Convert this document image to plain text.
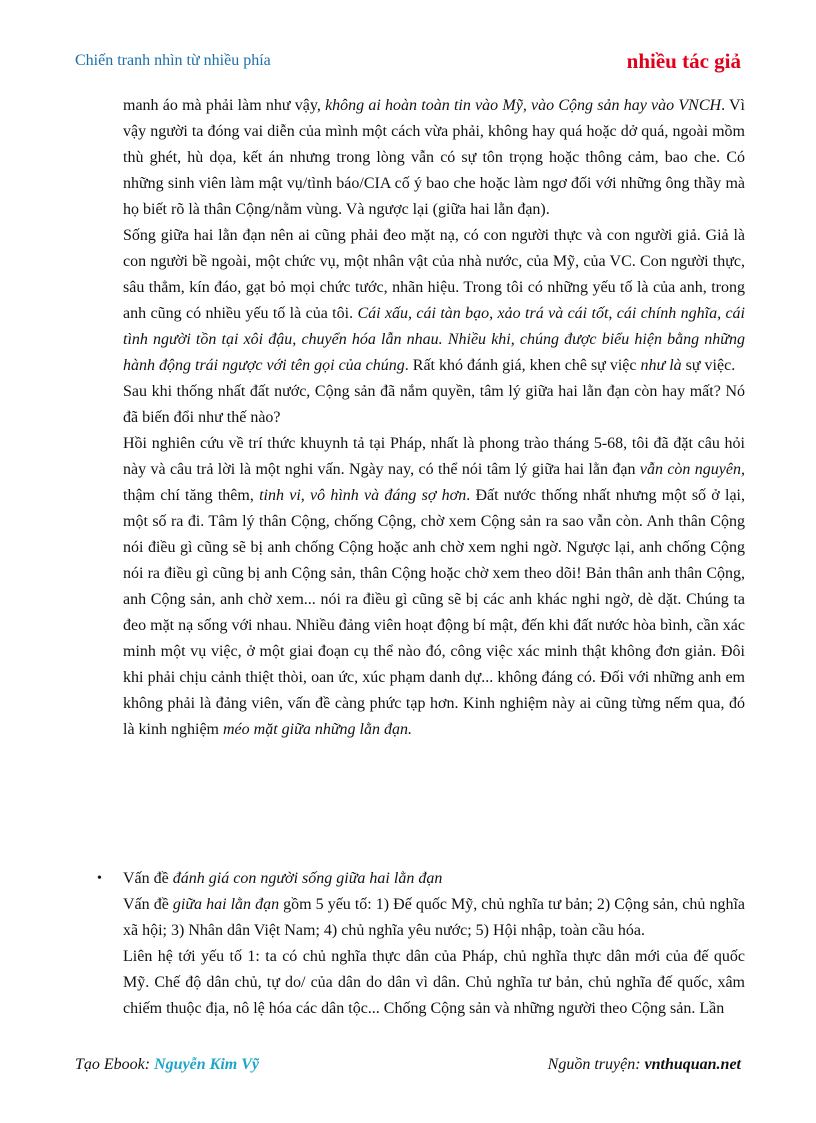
Chiến tranh nhìn từ nhiều phía	nhiều tác giả

manh áo mà phải làm như vậy, không ai hoàn toàn tin vào Mỹ, vào Cộng sản hay vào VNCH. Vì vậy người ta đóng vai diễn của mình một cách vừa phải, không hay quá hoặc dở quá, ngoài mồm thù ghét, hù dọa, kết án nhưng trong lòng vẫn có sự tôn trọng hoặc thông cảm, bao che. Có những sinh viên làm mật vụ/tình báo/CIA cố ý bao che hoặc làm ngơ đối với những ông thầy mà họ biết rõ là thân Cộng/nằm vùng. Và ngược lại (giữa hai lằn đạn).

Sống giữa hai lằn đạn nên ai cũng phải đeo mặt nạ, có con người thực và con người giả. Giả là con người bề ngoài, một chức vụ, một nhân vật của nhà nước, của Mỹ, của VC. Con người thực, sâu thẳm, kín đáo, gạt bỏ mọi chức tước, nhãn hiệu. Trong tôi có những yếu tố là của anh, trong anh cũng có nhiều yếu tố là của tôi. Cái xấu, cái tàn bạo, xảo trá và cái tốt, cái chính nghĩa, cái tình người tồn tại xôi đậu, chuyển hóa lẫn nhau. Nhiều khi, chúng được biểu hiện bằng những hành động trái ngược với tên gọi của chúng. Rất khó đánh giá, khen chê sự việc như là sự việc.

Sau khi thống nhất đất nước, Cộng sản đã nắm quyền, tâm lý giữa hai lằn đạn còn hay mất? Nó đã biến đổi như thế nào?

Hồi nghiên cứu về trí thức khuynh tả tại Pháp, nhất là phong trào tháng 5-68, tôi đã đặt câu hỏi này và câu trả lời là một nghi vấn. Ngày nay, có thể nói tâm lý giữa hai lằn đạn vẫn còn nguyên, thậm chí tăng thêm, tinh vi, vô hình và đáng sợ hơn. Đất nước thống nhất nhưng một số ở lại, một số ra đi. Tâm lý thân Cộng, chống Cộng, chờ xem Cộng sản ra sao vẫn còn. Anh thân Cộng nói điều gì cũng sẽ bị anh chống Cộng hoặc anh chờ xem nghi ngờ. Ngược lại, anh chống Cộng nói ra điều gì cũng bị anh Cộng sản, thân Cộng hoặc chờ xem theo dõi! Bản thân anh thân Cộng, anh Cộng sản, anh chờ xem... nói ra điều gì cũng sẽ bị các anh khác nghi ngờ, dè dặt. Chúng ta đeo mặt nạ sống với nhau. Nhiều đảng viên hoạt động bí mật, đến khi đất nước hòa bình, cần xác minh một vụ việc, ở một giai đoạn cụ thể nào đó, công việc xác minh thật không đơn giản. Đôi khi phải chịu cảnh thiệt thòi, oan ức, xúc phạm danh dự... không đáng có. Đối với những anh em không phải là đảng viên, vấn đề càng phức tạp hơn. Kinh nghiệm này ai cũng từng nếm qua, đó là kinh nghiệm méo mặt giữa những lằn đạn.

• Vấn đề đánh giá con người sống giữa hai lằn đạn

Vấn đề giữa hai lằn đạn gồm 5 yếu tố: 1) Đế quốc Mỹ, chủ nghĩa tư bản; 2) Cộng sản, chủ nghĩa xã hội; 3) Nhân dân Việt Nam; 4) chủ nghĩa yêu nước; 5) Hội nhập, toàn cầu hóa.

Liên hệ tới yếu tố 1: ta có chủ nghĩa thực dân của Pháp, chủ nghĩa thực dân mới của đế quốc Mỹ. Chế độ dân chủ, tự do/ của dân do dân vì dân. Chủ nghĩa tư bản, chủ nghĩa đế quốc, xâm chiếm thuộc địa, nô lệ hóa các dân tộc... Chống Cộng sản và những người theo Cộng sản. Lần

Tạo Ebook: Nguyễn Kim Vỹ	Nguồn truyện: vnthuquan.net
